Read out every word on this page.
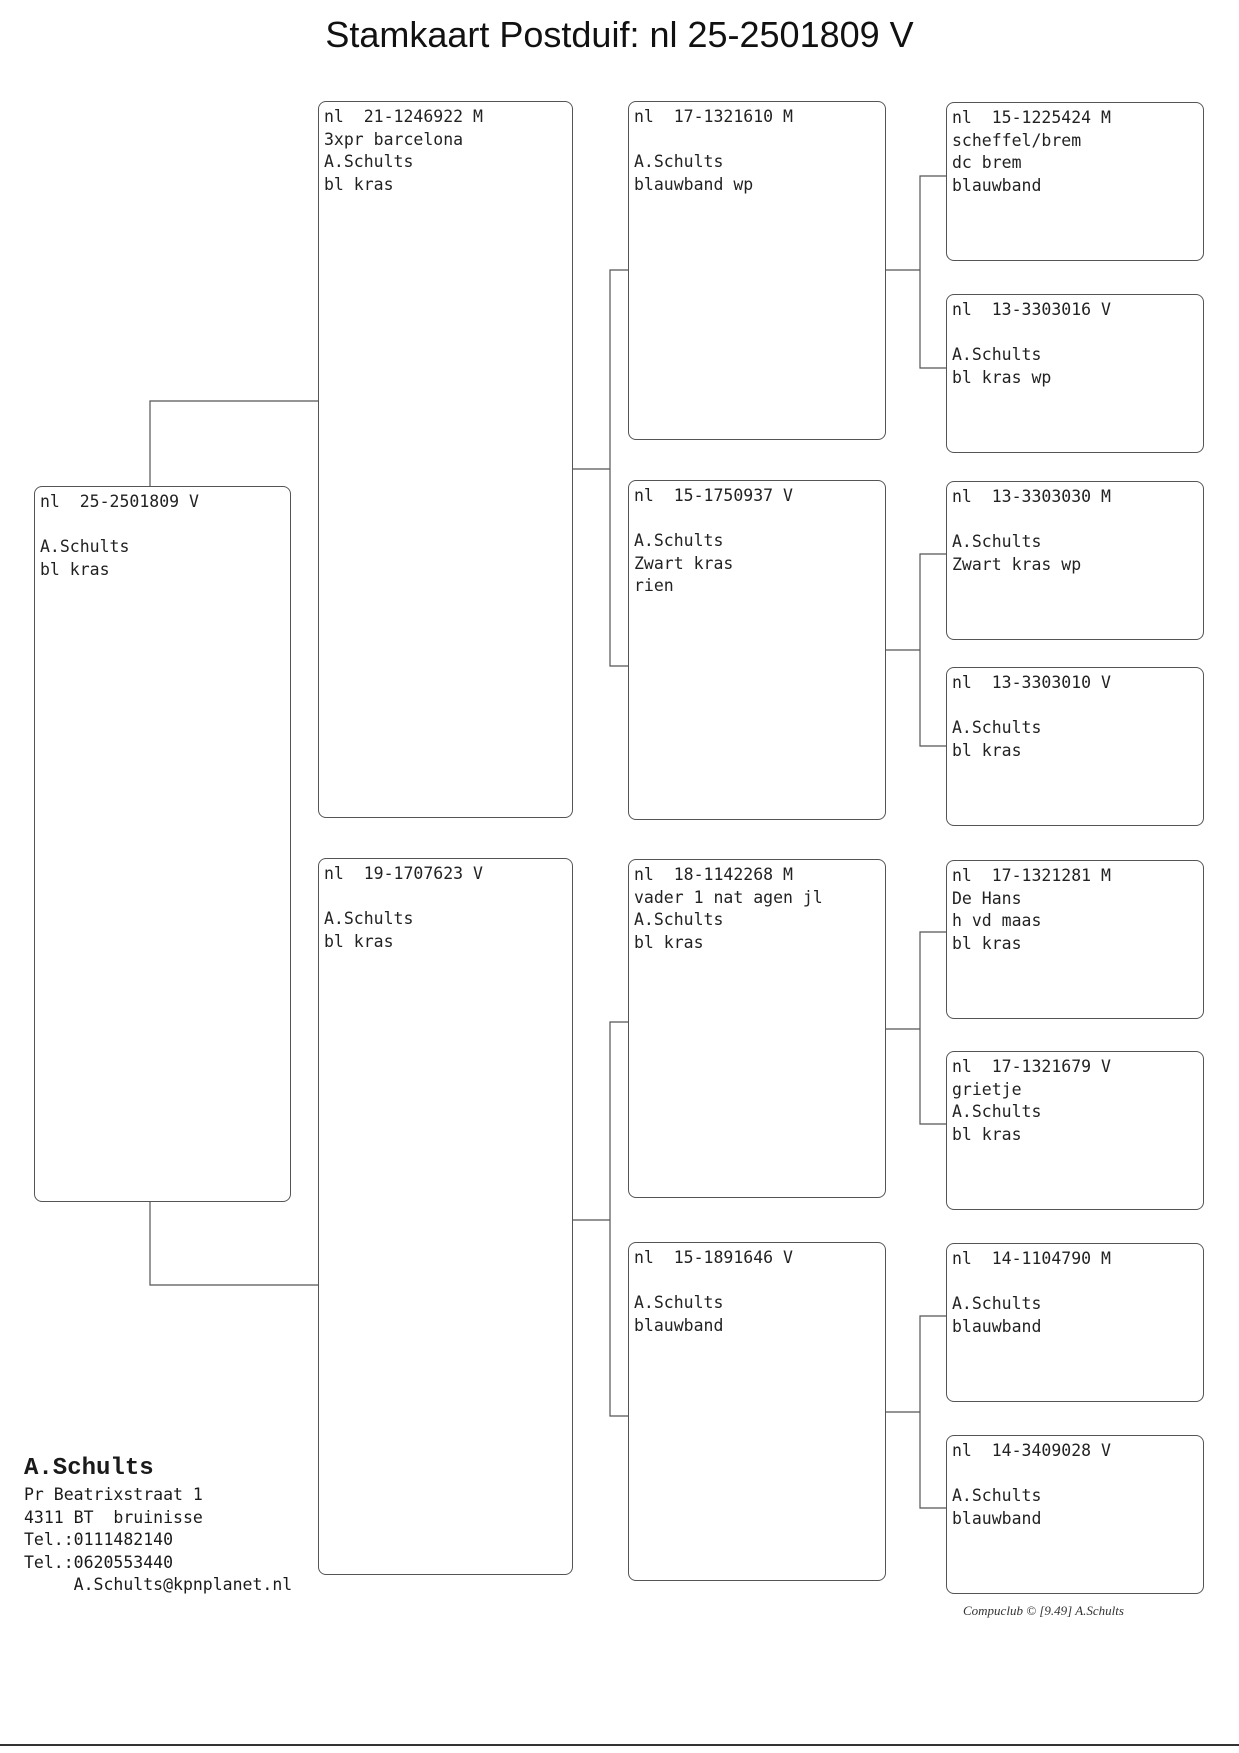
Stamkaart Postduif: nl 25-2501809 V
nl  25-2501809 V
A.Schults
bl kras
nl  21-1246922 M
3xpr barcelona
A.Schults
bl kras
nl  19-1707623 V
A.Schults
bl kras
nl  17-1321610 M
A.Schults
blauwband wp
nl  15-1750937 V
A.Schults
Zwart kras
rien
nl  18-1142268 M
vader 1 nat agen jl
A.Schults
bl kras
nl  15-1891646 V
A.Schults
blauwband
nl  15-1225424 M
scheffel/brem
dc brem
blauwband
nl  13-3303016 V
A.Schults
bl kras wp
nl  13-3303030 M
A.Schults
Zwart kras wp
nl  13-3303010 V
A.Schults
bl kras
nl  17-1321281 M
De Hans
h vd maas
bl kras
nl  17-1321679 V
grietje
A.Schults
bl kras
nl  14-1104790 M
A.Schults
blauwband
nl  14-3409028 V
A.Schults
blauwband
A.Schults
Pr Beatrixstraat 1
4311 BT  bruinisse
Tel.:0111482140
Tel.:0620553440
A.Schults@kpnplanet.nl
Compuclub © [9.49] A.Schults
